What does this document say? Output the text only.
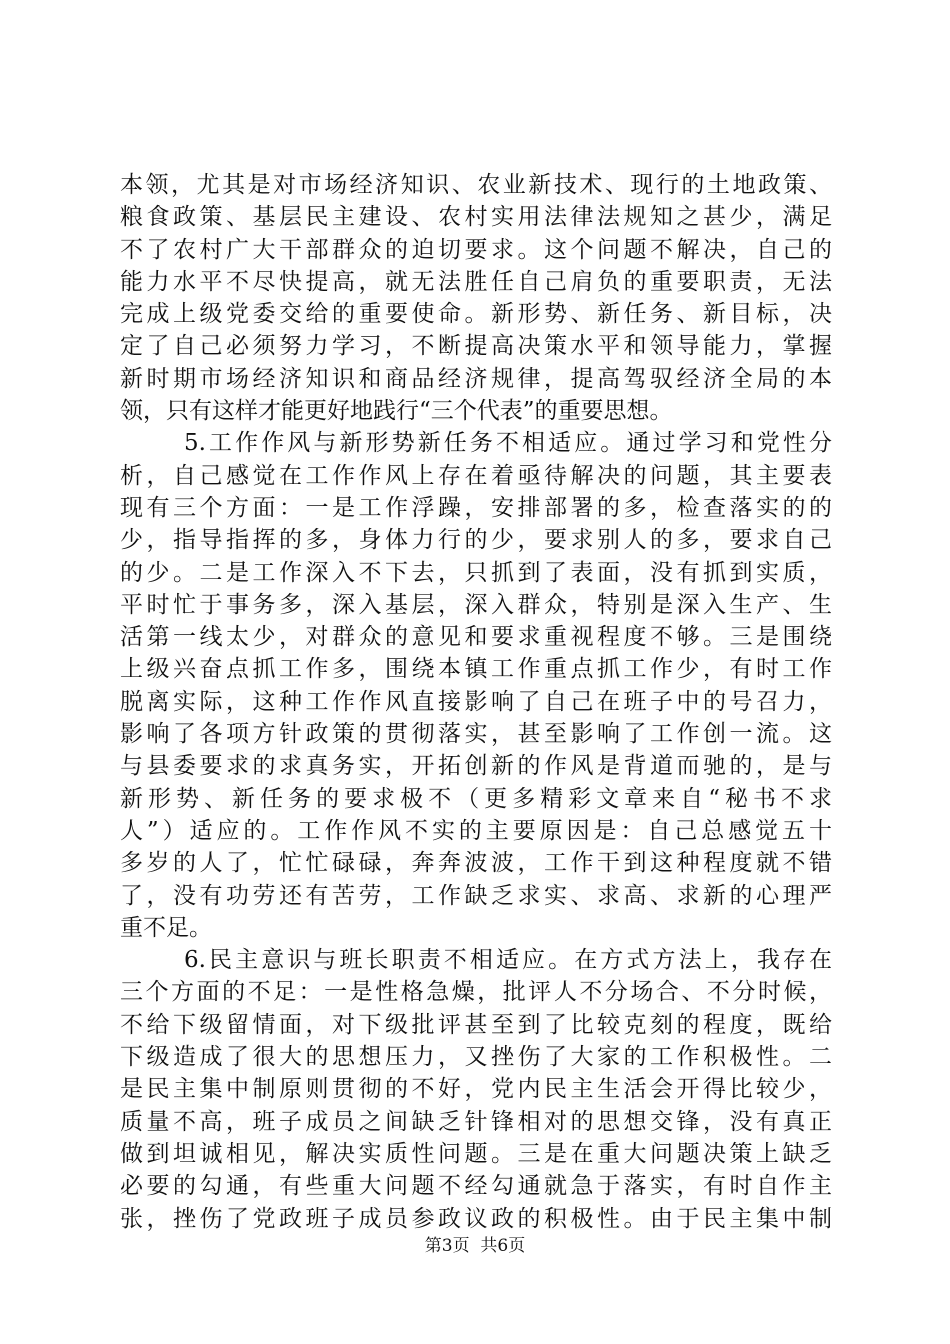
本领，尤其是对市场经济知识、农业新技术、现行的土地政策、
粮食政策、基层民主建设、农村实用法律法规知之甚少，满足
不了农村广大干部群众的迫切要求。这个问题不解决，自己的
能力水平不尽快提高，就无法胜任自己肩负的重要职责，无法
完成上级党委交给的重要使命。新形势、新任务、新目标，决
定了自己必须努力学习，不断提高决策水平和领导能力，掌握
新时期市场经济知识和商品经济规律，提高驾驭经济全局的本
领，只有这样才能更好地践行“三个代表”的重要思想。
5.工作作风与新形势新任务不相适应。通过学习和党性分
析，自己感觉在工作作风上存在着亟待解决的问题，其主要表
现有三个方面：一是工作浮躁，安排部署的多，检查落实的的
少，指导指挥的多，身体力行的少，要求别人的多，要求自己
的少。二是工作深入不下去，只抓到了表面，没有抓到实质，
平时忙于事务多，深入基层，深入群众，特别是深入生产、生
活第一线太少，对群众的意见和要求重视程度不够。三是围绕
上级兴奋点抓工作多，围绕本镇工作重点抓工作少，有时工作
脱离实际，这种工作作风直接影响了自己在班子中的号召力，
影响了各项方针政策的贯彻落实，甚至影响了工作创一流。这
与县委要求的求真务实，开拓创新的作风是背道而驰的，是与
新形势、新任务的要求极不（更多精彩文章来自“秘书不求
人”）适应的。工作作风不实的主要原因是：自己总感觉五十
多岁的人了，忙忙碌碌，奔奔波波，工作干到这种程度就不错
了，没有功劳还有苦劳，工作缺乏求实、求高、求新的心理严
重不足。
6.民主意识与班长职责不相适应。在方式方法上，我存在
三个方面的不足：一是性格急燥，批评人不分场合、不分时候，
不给下级留情面，对下级批评甚至到了比较克刻的程度，既给
下级造成了很大的思想压力，又挫伤了大家的工作积极性。二
是民主集中制原则贯彻的不好，党内民主生活会开得比较少，
质量不高，班子成员之间缺乏针锋相对的思想交锋，没有真正
做到坦诚相见，解决实质性问题。三是在重大问题决策上缺乏
必要的勾通，有些重大问题不经勾通就急于落实，有时自作主
张，挫伤了党政班子成员参政议政的积极性。由于民主集中制
第3页  共6页
